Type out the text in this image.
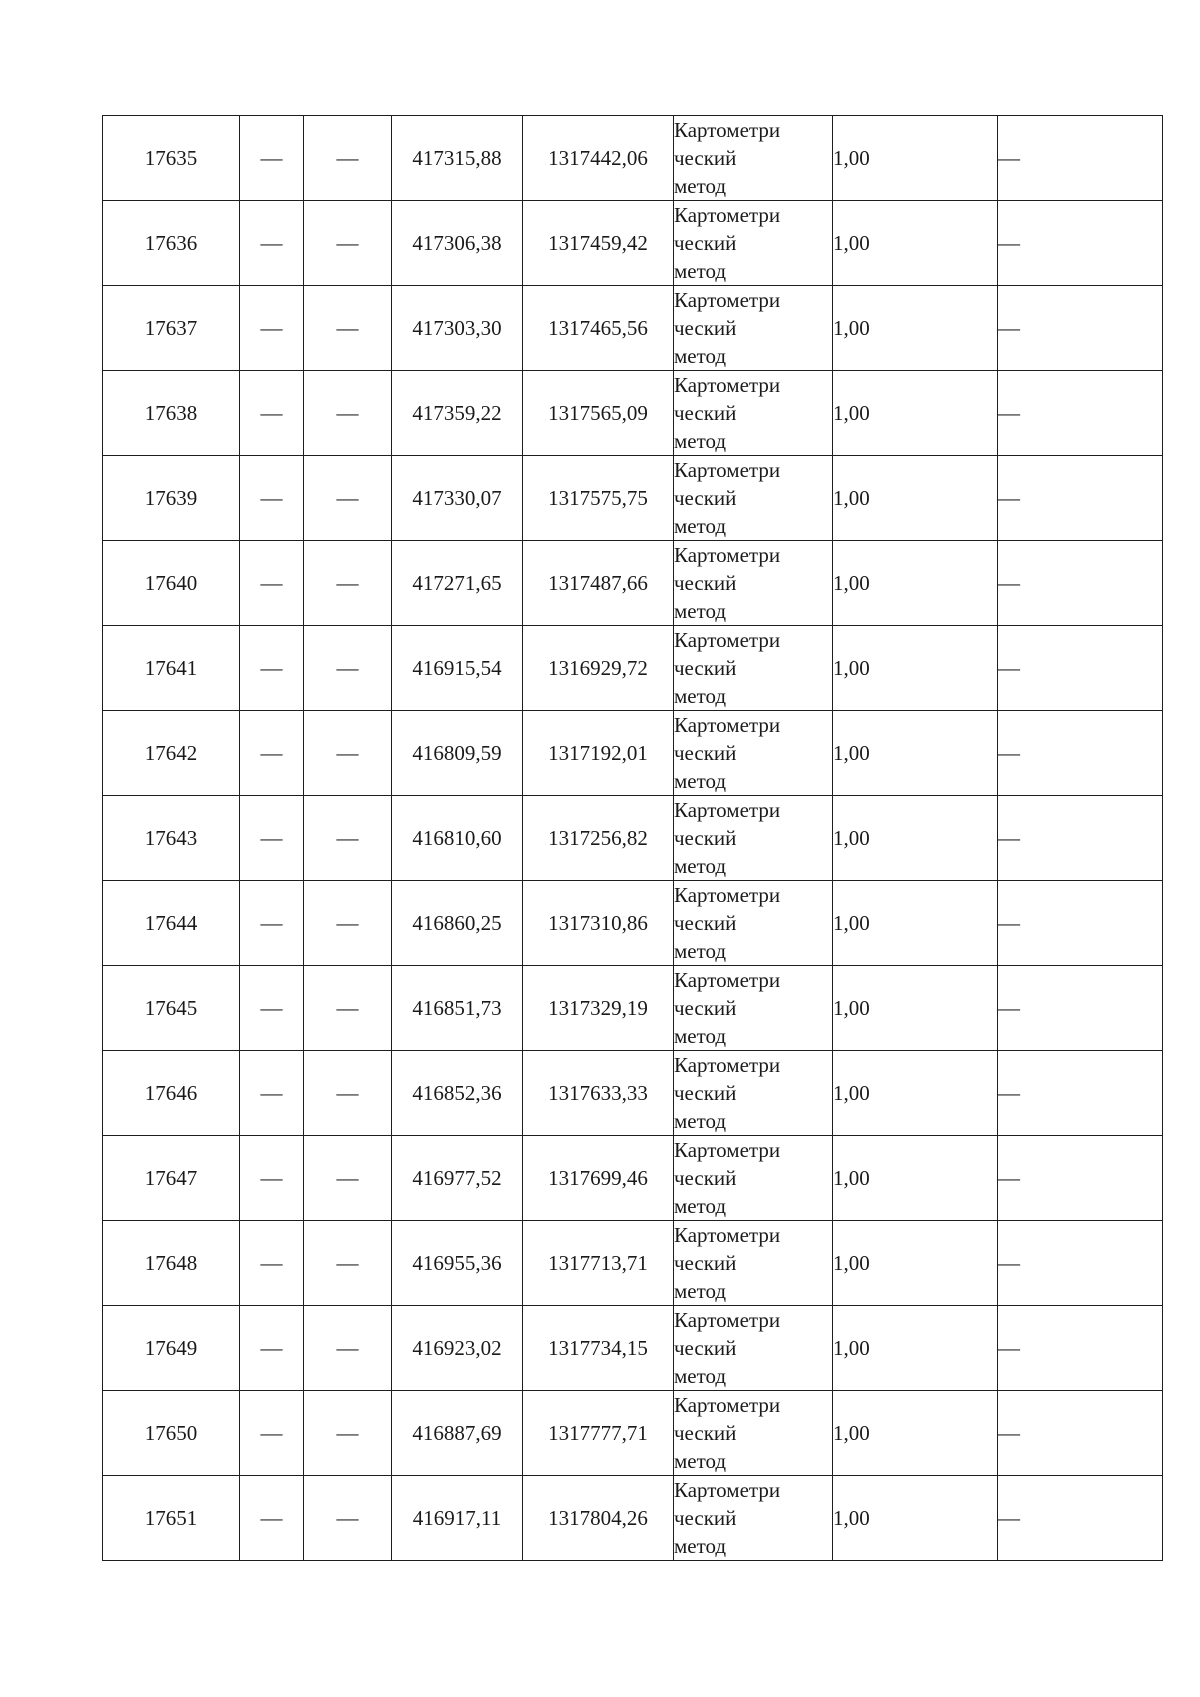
17635	—	—	417315,88	1317442,06	Картометри
ческий
метод	1,00	—
17636	—	—	417306,38	1317459,42	Картометри
ческий
метод	1,00	—
17637	—	—	417303,30	1317465,56	Картометри
ческий
метод	1,00	—
17638	—	—	417359,22	1317565,09	Картометри
ческий
метод	1,00	—
17639	—	—	417330,07	1317575,75	Картометри
ческий
метод	1,00	—
17640	—	—	417271,65	1317487,66	Картометри
ческий
метод	1,00	—
17641	—	—	416915,54	1316929,72	Картометри
ческий
метод	1,00	—
17642	—	—	416809,59	1317192,01	Картометри
ческий
метод	1,00	—
17643	—	—	416810,60	1317256,82	Картометри
ческий
метод	1,00	—
17644	—	—	416860,25	1317310,86	Картометри
ческий
метод	1,00	—
17645	—	—	416851,73	1317329,19	Картометри
ческий
метод	1,00	—
17646	—	—	416852,36	1317633,33	Картометри
ческий
метод	1,00	—
17647	—	—	416977,52	1317699,46	Картометри
ческий
метод	1,00	—
17648	—	—	416955,36	1317713,71	Картометри
ческий
метод	1,00	—
17649	—	—	416923,02	1317734,15	Картометри
ческий
метод	1,00	—
17650	—	—	416887,69	1317777,71	Картометри
ческий
метод	1,00	—
17651	—	—	416917,11	1317804,26	Картометри
ческий
метод	1,00	—
